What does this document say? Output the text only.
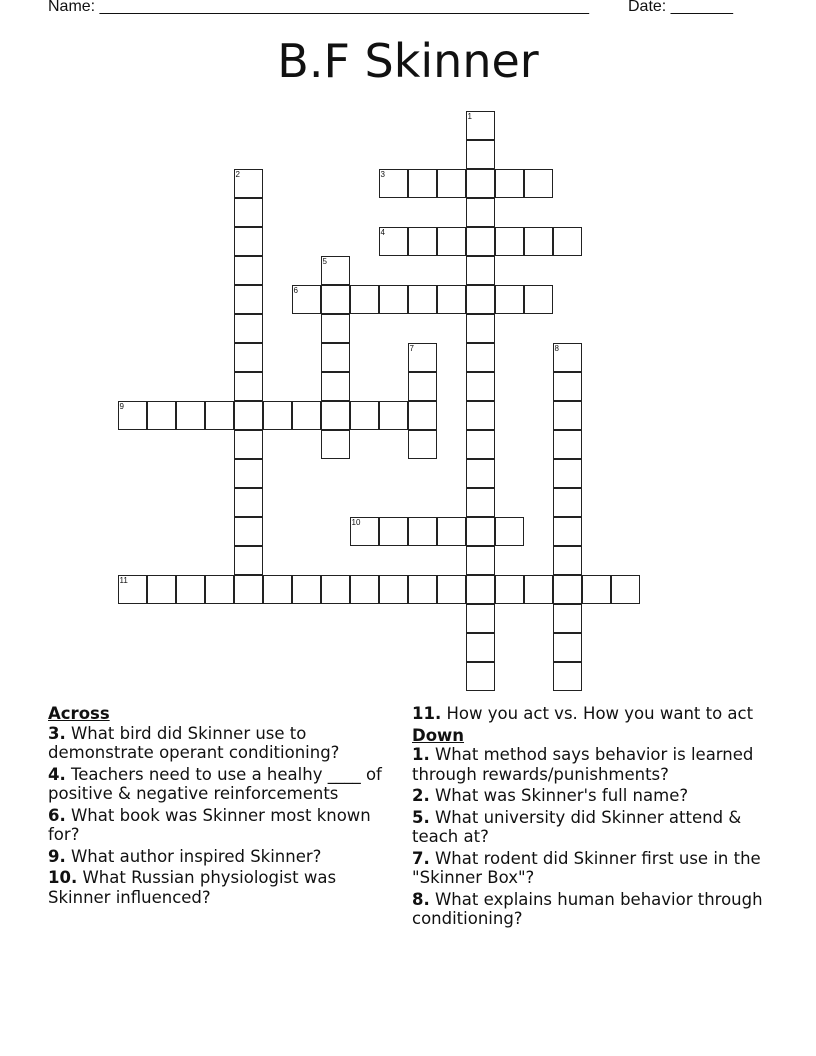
Name: _______________________________________________________ Date: _______
B.F Skinner
1
2	3
4
5
6
7	8
9
10
11

Across

3. What bird did Skinner use to demonstrate operant conditioning?

4. Teachers need to use a healhy ____ of positive & negative reinforcements

6. What book was Skinner most known for?

9. What author inspired Skinner?

10. What Russian physiologist was Skinner influenced?

11. How you act vs. How you want to act

Down

1. What method says behavior is learned through rewards/punishments?

2. What was Skinner's full name?

5. What university did Skinner attend & teach at?

7. What rodent did Skinner first use in the "Skinner Box"?

8. What explains human behavior through conditioning?
